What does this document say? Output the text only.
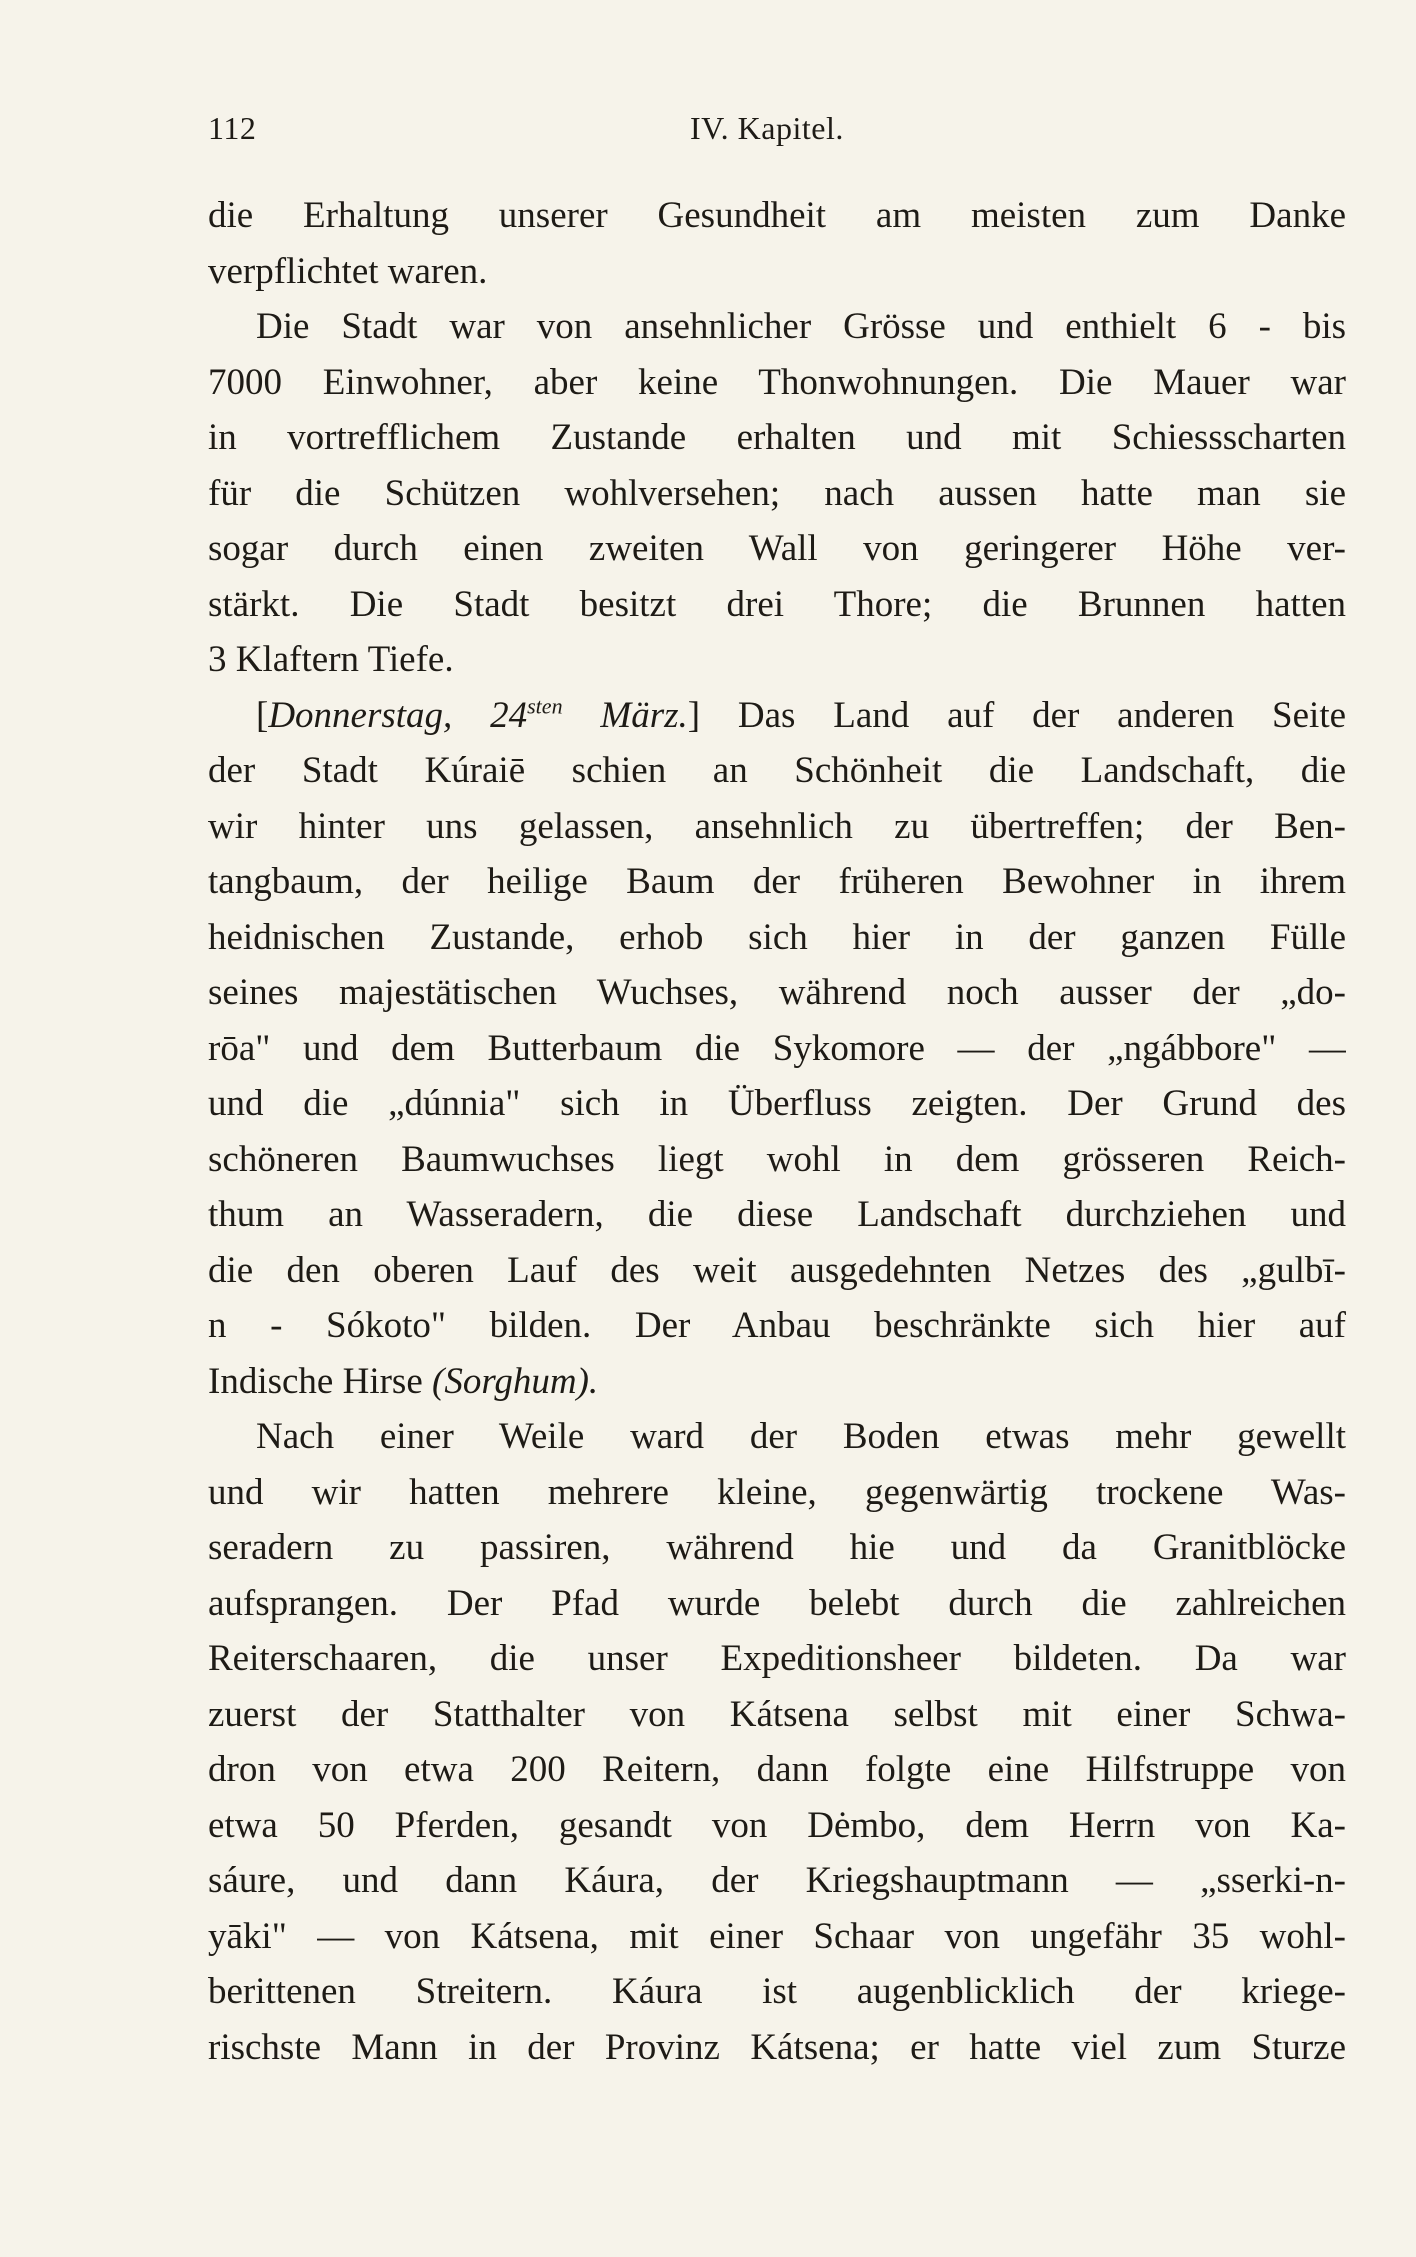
112	IV. Kapitel.
die Erhaltung unserer Gesundheit am meisten zum Danke
verpflichtet waren.
Die Stadt war von ansehnlicher Grösse und enthielt 6 - bis
7000 Einwohner, aber keine Thonwohnungen. Die Mauer war
in vortrefflichem Zustande erhalten und mit Schiessscharten
für die Schützen wohlversehen; nach aussen hatte man sie
sogar durch einen zweiten Wall von geringerer Höhe ver-
stärkt. Die Stadt besitzt drei Thore; die Brunnen hatten
3 Klaftern Tiefe.
[Donnerstag, $24^{sten}$ März.] Das Land auf der anderen Seite
der Stadt Kúraiē schien an Schönheit die Landschaft, die
wir hinter uns gelassen, ansehnlich zu übertreffen; der Ben-
tangbaum, der heilige Baum der früheren Bewohner in ihrem
heidnischen Zustande, erhob sich hier in der ganzen Fülle
seines majestätischen Wuchses, während noch ausser der „do-
rōa" und dem Butterbaum die Sykomore — der „ngábbore" —
und die „dúnnia" sich in Überfluss zeigten. Der Grund des
schöneren Baumwuchses liegt wohl in dem grösseren Reich-
thum an Wasseradern, die diese Landschaft durchziehen und
die den oberen Lauf des weit ausgedehnten Netzes des „gulbī-
n - Sókoto" bilden. Der Anbau beschränkte sich hier auf
Indische Hirse (Sorghum).
Nach einer Weile ward der Boden etwas mehr gewellt
und wir hatten mehrere kleine, gegenwärtig trockene Was-
seradern zu passiren, während hie und da Granitblöcke
aufsprangen. Der Pfad wurde belebt durch die zahlreichen
Reiterschaaren, die unser Expeditionsheer bildeten. Da war
zuerst der Statthalter von Kátsena selbst mit einer Schwa-
dron von etwa 200 Reitern, dann folgte eine Hilfstruppe von
etwa 50 Pferden, gesandt von Dėmbo, dem Herrn von Ka-
sáure, und dann Káura, der Kriegshauptmann — „sserki-n-
yāki" — von Kátsena, mit einer Schaar von ungefähr 35 wohl-
berittenen Streitern. Káura ist augenblicklich der kriege-
rischste Mann in der Provinz Kátsena; er hatte viel zum Sturze
